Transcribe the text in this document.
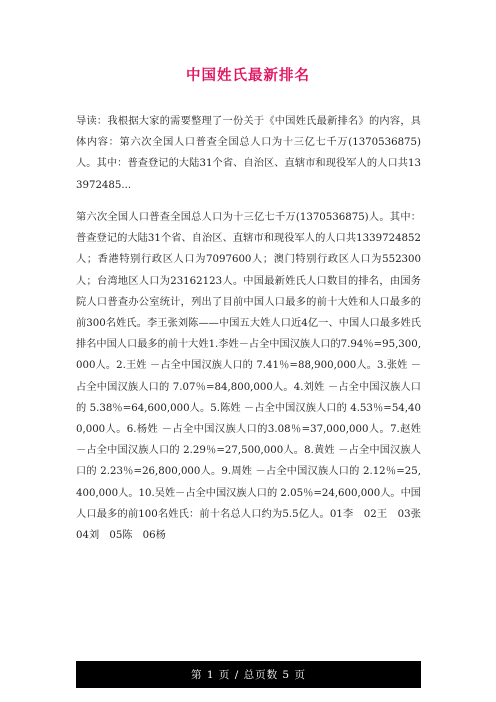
中国姓氏最新排名

导读：我根据大家的需要整理了一份关于《中国姓氏最新排名》的内容，具体内容：第六次全国人口普查全国总人口为十三亿七千万(1370536875)人。其中：普查登记的大陆31个省、自治区、直辖市和现役军人的人口共133972485...

第六次全国人口普查全国总人口为十三亿七千万(1370536875)人。其中：普查登记的大陆31个省、自治区、直辖市和现役军人的人口共1339724852人；香港特别行政区人口为7097600人；澳门特别行政区人口为552300人；台湾地区人口为23162123人。中国最新姓氏人口数目的排名，由国务院人口普查办公室统计，列出了目前中国人口最多的前十大姓和人口最多的前300名姓氏。李王张刘陈——中国五大姓人口近4亿一、中国人口最多姓氏排名中国人口最多的前十大姓1.李姓－占全中国汉族人口的7.94％=95,300,000人。2.王姓 －占全中国汉族人口的 7.41％=88,900,000人。3.张姓 －占全中国汉族人口的 7.07％=84,800,000人。4.刘姓 －占全中国汉族人口的 5.38％=64,600,000人。5.陈姓 －占全中国汉族人口的 4.53％=54,400,000人。6.杨姓 －占全中国汉族人口的3.08％=37,000,000人。7.赵姓 －占全中国汉族人口的 2.29％=27,500,000人。8.黄姓 －占全中国汉族人口的 2.23％=26,800,000人。9.周姓 －占全中国汉族人口的 2.12％=25,400,000人。10.吴姓－占全中国汉族人口的 2.05％=24,600,000人。中国人口最多的前100名姓氏：前十名总人口约为5.5亿人。01李　02王　03张　04刘　05陈　06杨

第 1 页 / 总页数 5 页
